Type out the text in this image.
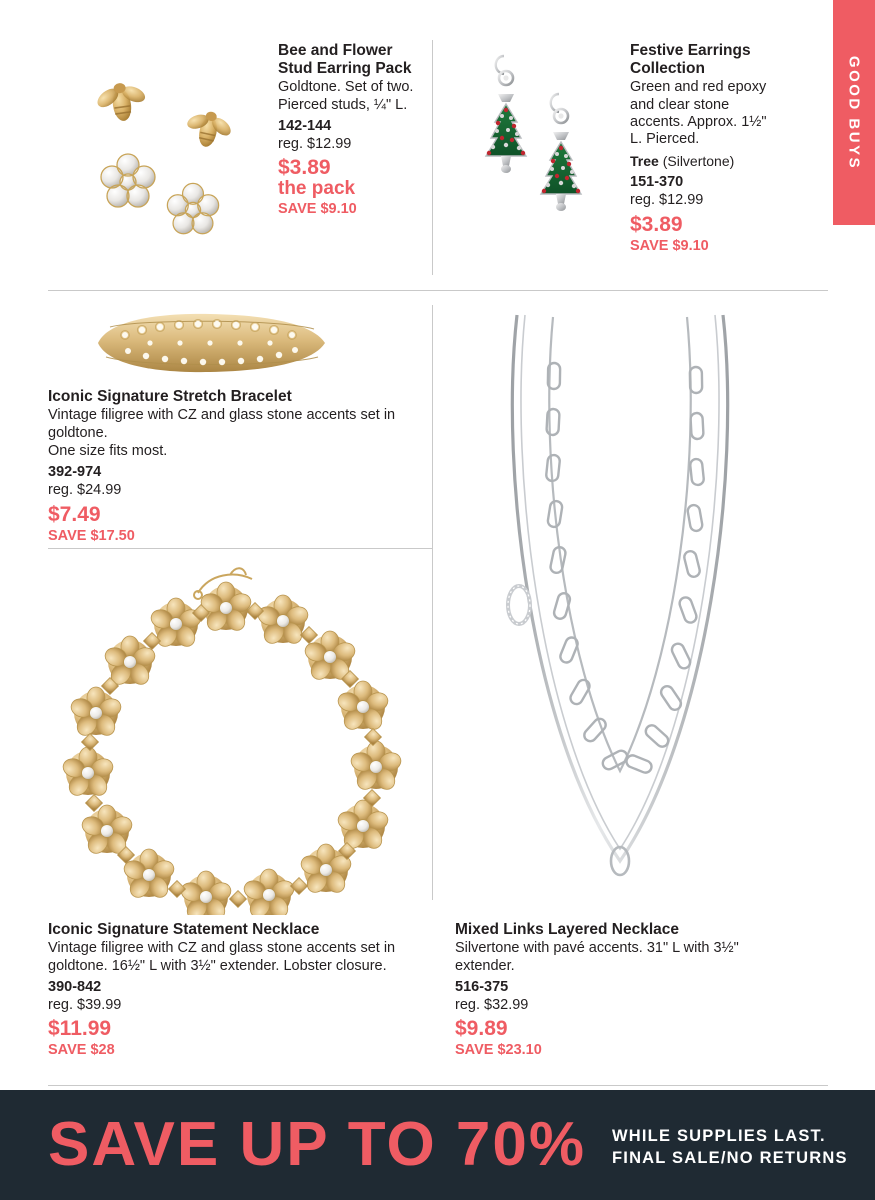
GOOD BUYS
Bee and Flower Stud Earring Pack
Goldtone. Set of two. Pierced studs, ¼" L.
142-144
reg. $12.99
$3.89
the pack
SAVE $9.10
Festive Earrings Collection
Green and red epoxy and clear stone accents. Approx. 1½" L. Pierced.
Tree (Silvertone)
151-370
reg. $12.99
$3.89
SAVE $9.10
Iconic Signature Stretch Bracelet
Vintage filigree with CZ and glass stone accents set in goldtone.
One size fits most.
392-974
reg. $24.99
$7.49
SAVE $17.50
Iconic Signature Statement Necklace
Vintage filigree with CZ and glass stone accents set in goldtone. 16½" L with 3½" extender. Lobster closure.
390-842
reg. $39.99
$11.99
SAVE $28
Mixed Links Layered Necklace
Silvertone with pavé accents. 31" L with 3½" extender.
516-375
reg. $32.99
$9.89
SAVE $23.10
SAVE UP TO 70% WHILE SUPPLIES LAST.
FINAL SALE/NO RETURNS
